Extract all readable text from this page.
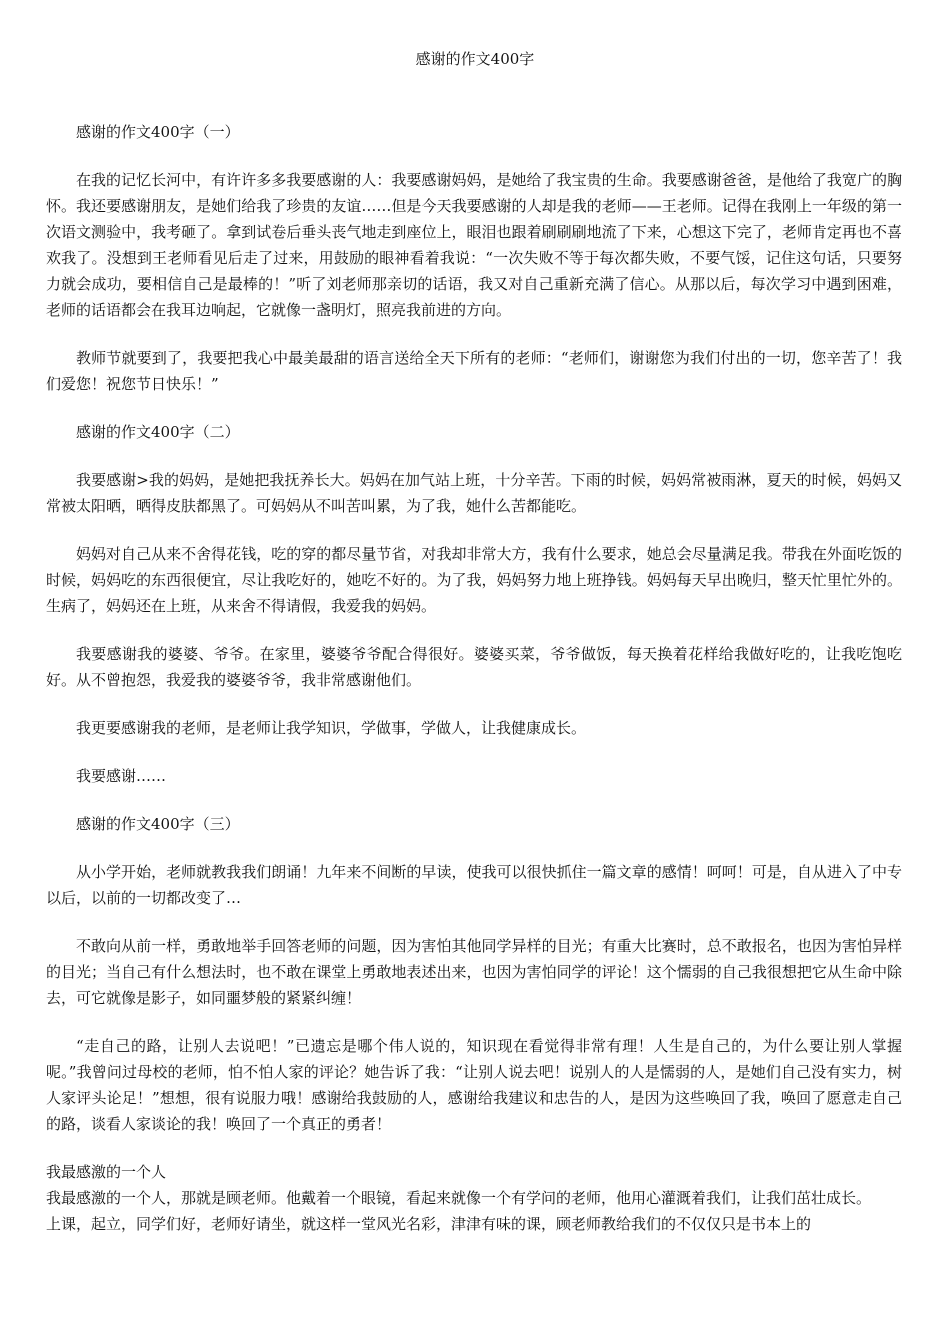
感谢的作文400字

感谢的作文400字（一）

在我的记忆长河中，有许许多多我要感谢的人：我要感谢妈妈，是她给了我宝贵的生命。我要感谢爸爸，是他给了我宽广的胸怀。我还要感谢朋友，是她们给我了珍贵的友谊……但是今天我要感谢的人却是我的老师——王老师。记得在我刚上一年级的第一次语文测验中，我考砸了。拿到试卷后垂头丧气地走到座位上，眼泪也跟着刷刷刷地流了下来，心想这下完了，老师肯定再也不喜欢我了。没想到王老师看见后走了过来，用鼓励的眼神看着我说：“一次失败不等于每次都失败，不要气馁，记住这句话，只要努力就会成功，要相信自己是最棒的！”听了刘老师那亲切的话语，我又对自己重新充满了信心。从那以后，每次学习中遇到困难，老师的话语都会在我耳边响起，它就像一盏明灯，照亮我前进的方向。

教师节就要到了，我要把我心中最美最甜的语言送给全天下所有的老师：“老师们，谢谢您为我们付出的一切，您辛苦了！我们爱您！祝您节日快乐！”

感谢的作文400字（二）

我要感谢>我的妈妈，是她把我抚养长大。妈妈在加气站上班，十分辛苦。下雨的时候，妈妈常被雨淋，夏天的时候，妈妈又常被太阳晒，晒得皮肤都黑了。可妈妈从不叫苦叫累，为了我，她什么苦都能吃。

妈妈对自己从来不舍得花钱，吃的穿的都尽量节省，对我却非常大方，我有什么要求，她总会尽量满足我。带我在外面吃饭的时候，妈妈吃的东西很便宜，尽让我吃好的，她吃不好的。为了我，妈妈努力地上班挣钱。妈妈每天早出晚归，整天忙里忙外的。生病了，妈妈还在上班，从来舍不得请假，我爱我的妈妈。

我要感谢我的婆婆、爷爷。在家里，婆婆爷爷配合得很好。婆婆买菜，爷爷做饭，每天换着花样给我做好吃的，让我吃饱吃好。从不曾抱怨，我爱我的婆婆爷爷，我非常感谢他们。

我更要感谢我的老师，是老师让我学知识，学做事，学做人，让我健康成长。

我要感谢……

感谢的作文400字（三）

从小学开始，老师就教我我们朗诵！九年来不间断的早读，使我可以很快抓住一篇文章的感情！呵呵！可是，自从进入了中专以后，以前的一切都改变了…

不敢向从前一样，勇敢地举手回答老师的问题，因为害怕其他同学异样的目光；有重大比赛时，总不敢报名，也因为害怕异样的目光；当自己有什么想法时，也不敢在课堂上勇敢地表述出来，也因为害怕同学的评论！这个懦弱的自己我很想把它从生命中除去，可它就像是影子，如同噩梦般的紧紧纠缠！

“走自己的路，让别人去说吧！”已遗忘是哪个伟人说的，知识现在看觉得非常有理！人生是自己的，为什么要让别人掌握呢。”我曾问过母校的老师，怕不怕人家的评论？她告诉了我：“让别人说去吧！说别人的人是懦弱的人，是她们自己没有实力，树人家评头论足！”想想，很有说服力哦！感谢给我鼓励的人，感谢给我建议和忠告的人，是因为这些唤回了我，唤回了愿意走自己的路，谈看人家谈论的我！唤回了一个真正的勇者！

我最感激的一个人

我最感激的一个人，那就是顾老师。他戴着一个眼镜，看起来就像一个有学问的老师，他用心灌溉着我们，让我们茁壮成长。

上课，起立，同学们好，老师好请坐，就这样一堂风光名彩，津津有味的课，顾老师教给我们的不仅仅只是书本上的
